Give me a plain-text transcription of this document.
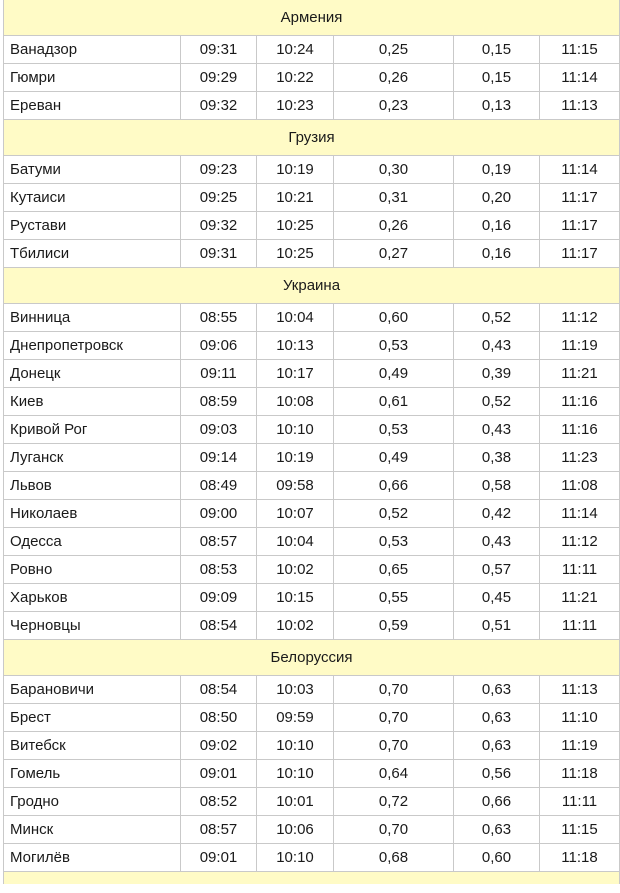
Армения					
Ванадзор	09:31	10:24	0,25	0,15	11:15
Гюмри	09:29	10:22	0,26	0,15	11:14
Ереван	09:32	10:23	0,23	0,13	11:13
Грузия					
Батуми	09:23	10:19	0,30	0,19	11:14
Кутаиси	09:25	10:21	0,31	0,20	11:17
Рустави	09:32	10:25	0,26	0,16	11:17
Тбилиси	09:31	10:25	0,27	0,16	11:17
Украина					
Винница	08:55	10:04	0,60	0,52	11:12
Днепропетровск	09:06	10:13	0,53	0,43	11:19
Донецк	09:11	10:17	0,49	0,39	11:21
Киев	08:59	10:08	0,61	0,52	11:16
Кривой Рог	09:03	10:10	0,53	0,43	11:16
Луганск	09:14	10:19	0,49	0,38	11:23
Львов	08:49	09:58	0,66	0,58	11:08
Николаев	09:00	10:07	0,52	0,42	11:14
Одесса	08:57	10:04	0,53	0,43	11:12
Ровно	08:53	10:02	0,65	0,57	11:11
Харьков	09:09	10:15	0,55	0,45	11:21
Черновцы	08:54	10:02	0,59	0,51	11:11
Белоруссия					
Барановичи	08:54	10:03	0,70	0,63	11:13
Брест	08:50	09:59	0,70	0,63	11:10
Витебск	09:02	10:10	0,70	0,63	11:19
Гомель	09:01	10:10	0,64	0,56	11:18
Гродно	08:52	10:01	0,72	0,66	11:11
Минск	08:57	10:06	0,70	0,63	11:15
Могилёв	09:01	10:10	0,68	0,60	11:18
